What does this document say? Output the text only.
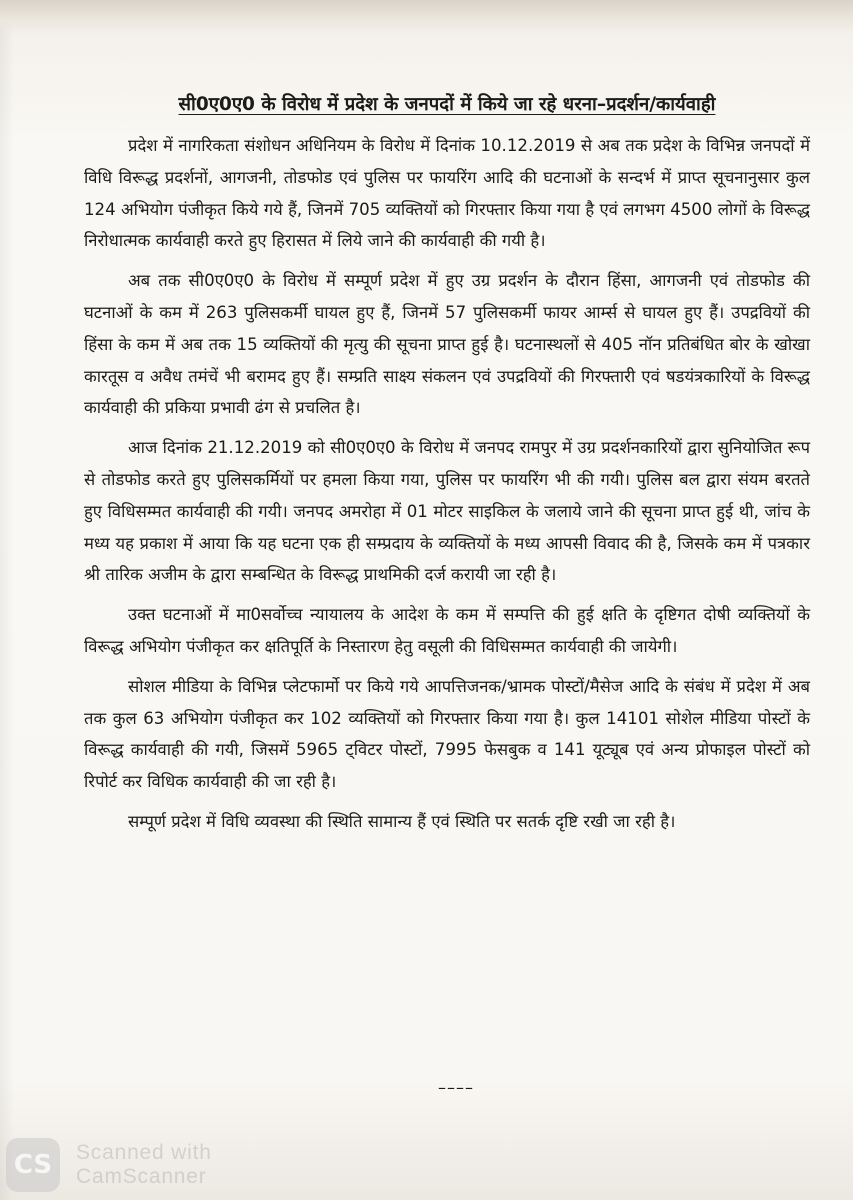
सी0ए0ए0 के विरोध में प्रदेश के जनपदों में किये जा रहे धरना–प्रदर्शन/कार्यवाही

प्रदेश में नागरिकता संशोधन अधिनियम के विरोध में दिनांक 10.12.2019 से अब तक प्रदेश के विभिन्न जनपदों में विधि विरूद्ध प्रदर्शनों, आगजनी, तोडफोड एवं पुलिस पर फायरिंग आदि की घटनाओं के सन्दर्भ में प्राप्त सूचनानुसार कुल 124 अभियोग पंजीकृत किये गये हैं, जिनमें 705 व्यक्तियों को गिरफ्तार किया गया है एवं लगभग 4500 लोगों के विरूद्ध निरोधात्मक कार्यवाही करते हुए हिरासत में लिये जाने की कार्यवाही की गयी है।

अब तक सी0ए0ए0 के विरोध में सम्पूर्ण प्रदेश में हुए उग्र प्रदर्शन के दौरान हिंसा, आगजनी एवं तोडफोड की घटनाओं के कम में 263 पुलिसकर्मी घायल हुए हैं, जिनमें 57 पुलिसकर्मी फायर आर्म्स से घायल हुए हैं। उपद्रवियों की हिंसा के कम में अब तक 15 व्यक्तियों की मृत्यु की सूचना प्राप्त हुई है। घटनास्थलों से 405 नॉन प्रतिबंधित बोर के खोखा कारतूस व अवैध तमंचें भी बरामद हुए हैं। सम्प्रति साक्ष्य संकलन एवं उपद्रवियों की गिरफ्तारी एवं षडयंत्रकारियों के विरूद्ध कार्यवाही की प्रकिया प्रभावी ढंग से प्रचलित है।

आज दिनांक 21.12.2019 को सी0ए0ए0 के विरोध में जनपद रामपुर में उग्र प्रदर्शनकारियों द्वारा सुनियोजित रूप से तोडफोड करते हुए पुलिसकर्मियों पर हमला किया गया, पुलिस पर फायरिंग भी की गयी। पुलिस बल द्वारा संयम बरतते हुए विधिसम्मत कार्यवाही की गयी। जनपद अमरोहा में 01 मोटर साइकिल के जलाये जाने की सूचना प्राप्त हुई थी, जांच के मध्य यह प्रकाश में आया कि यह घटना एक ही सम्प्रदाय के व्यक्तियों के मध्य आपसी विवाद की है, जिसके कम में पत्रकार श्री तारिक अजीम के द्वारा सम्बन्धित के विरूद्ध प्राथमिकी दर्ज करायी जा रही है।

उक्त घटनाओं में मा0सर्वोच्च न्यायालय के आदेश के कम में सम्पत्ति की हुई क्षति के दृष्टिगत दोषी व्यक्तियों के विरूद्ध अभियोग पंजीकृत कर क्षतिपूर्ति के निस्तारण हेतु वसूली की विधिसम्मत कार्यवाही की जायेगी।

सोशल मीडिया के विभिन्न प्लेटफार्मो पर किये गये आपत्तिजनक/भ्रामक पोस्टों/मैसेज आदि के संबंध में प्रदेश में अब तक कुल 63 अभियोग पंजीकृत कर 102 व्यक्तियों को गिरफ्तार किया गया है। कुल 14101 सोशेल मीडिया पोस्टों के विरूद्ध कार्यवाही की गयी, जिसमें 5965 ट्विटर पोस्टों, 7995 फेसबुक व 141 यूट्यूब एवं अन्य प्रोफाइल पोस्टों को रिपोर्ट कर विधिक कार्यवाही की जा रही है।

सम्पूर्ण प्रदेश में विधि व्यवस्था की स्थिति सामान्य हैं एवं स्थिति पर सतर्क दृष्टि रखी जा रही है।

––––
CS	Scanned with
CamScanner
